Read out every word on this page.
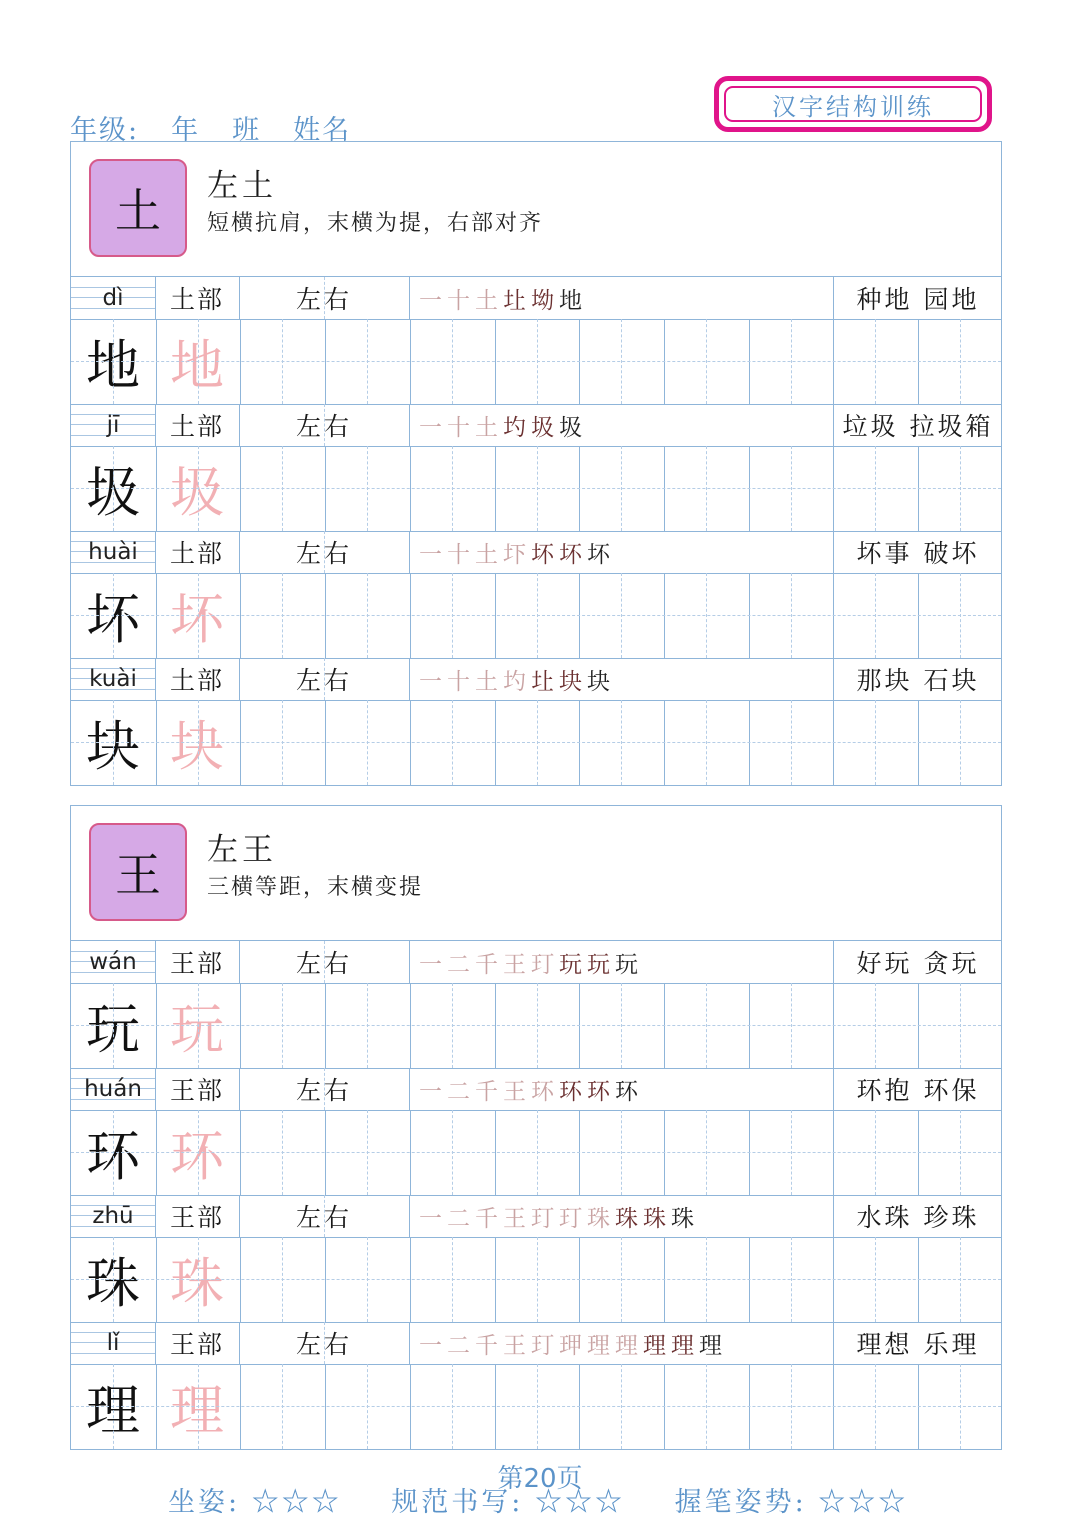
年级: 年 班 姓名
汉字结构训练
土	左土
短横抗肩，末横为提，右部对齐
dì	土部	左右	一 十 土 圵 坳 地	种地 园地
地 地
jī	土部	左右	一 十 土 圴 圾 圾	垃圾 拉圾箱
圾 圾
huài	土部	左右	一 十 土 圷 坏 坏 坏	坏事 破坏
坏 坏
kuài	土部	左右	一 十 土 圴 圵 块 块	那块 石块
块 块
王	左王
三横等距，末横变提
wán	王部	左右	一 二 千 王 玎 玩 玩 玩	好玩 贪玩
玩 玩
huán	王部	左右	一 二 千 王 环 环 环 环	环抱 环保
环 环
zhū	王部	左右	一 二 千 王 玎 玎 珠 珠 珠 珠	水珠 珍珠
珠 珠
lǐ	王部	左右	一 二 千 王 玎 玾 理 理 理 理 理	理想 乐理
理 理
第20页
坐姿: ☆☆☆ 规范书写: ☆☆☆ 握笔姿势: ☆☆☆
